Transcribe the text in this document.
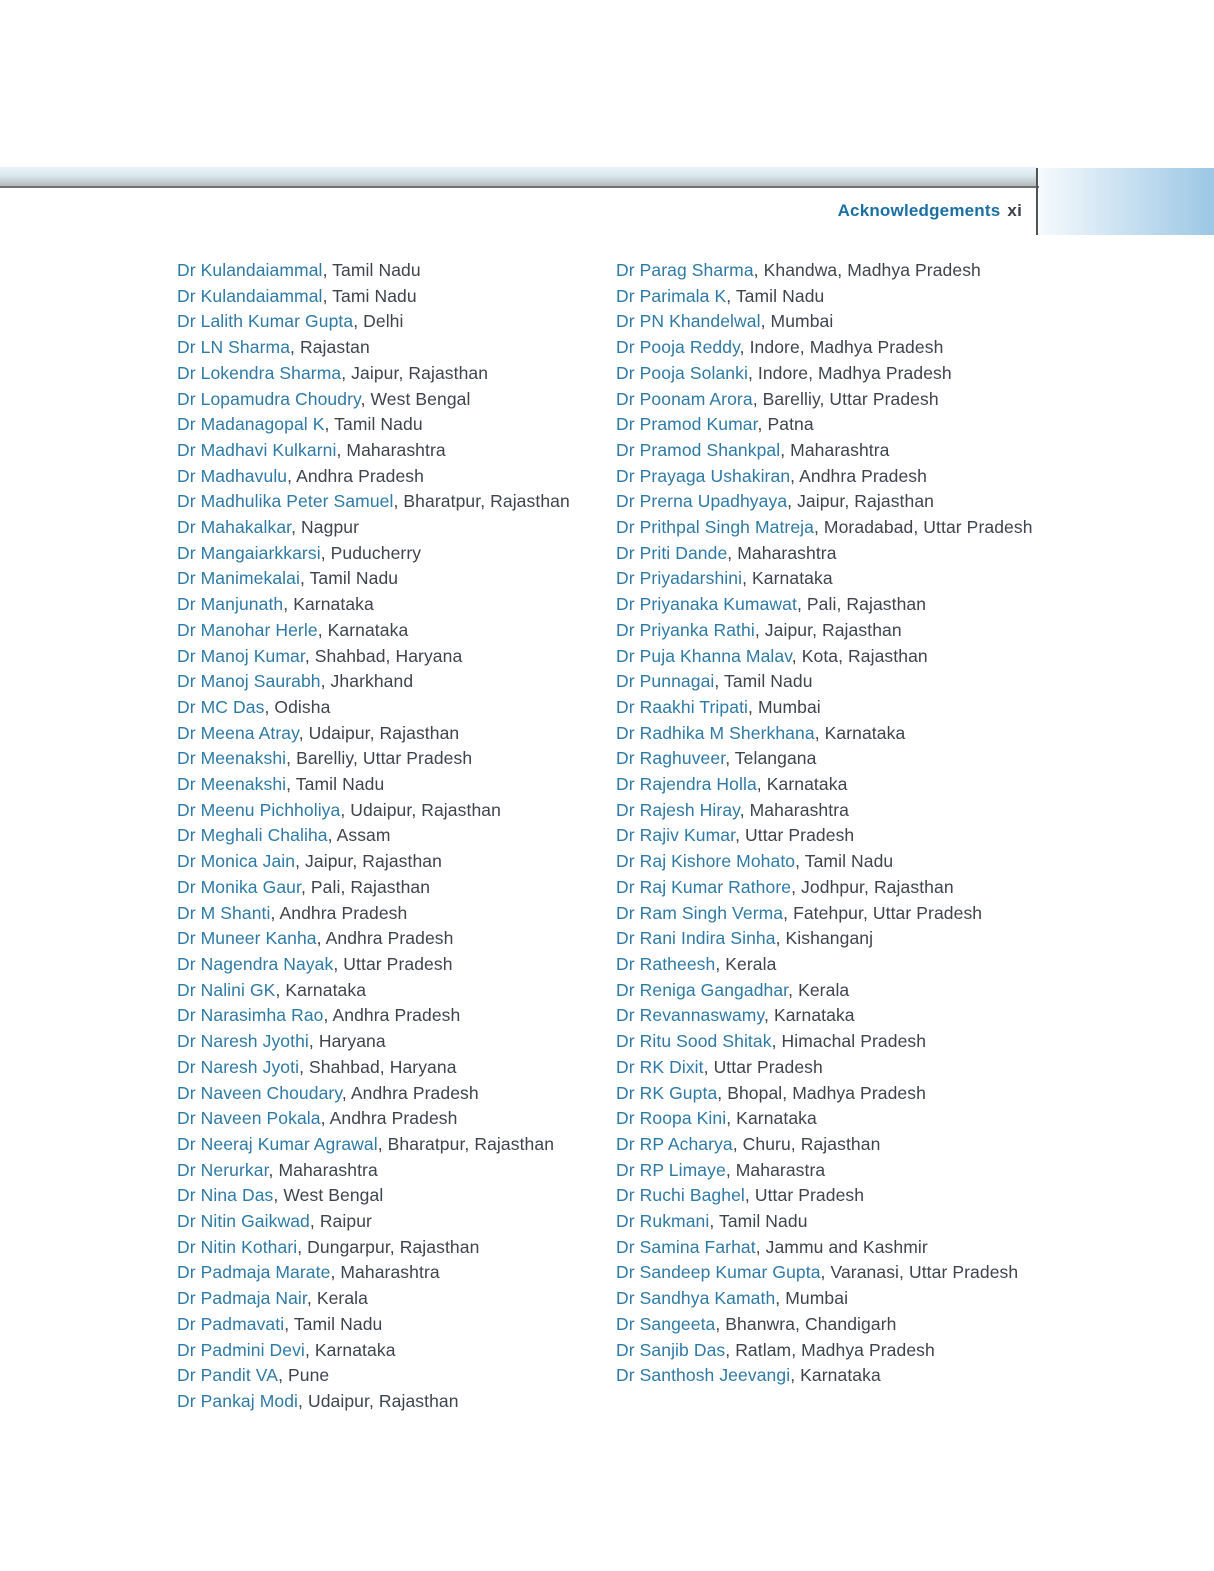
Acknowledgements xi
Dr Kulandaiammal, Tamil Nadu
Dr Kulandaiammal, Tami Nadu
Dr Lalith Kumar Gupta, Delhi
Dr LN Sharma, Rajastan
Dr Lokendra Sharma, Jaipur, Rajasthan
Dr Lopamudra Choudry, West Bengal
Dr Madanagopal K, Tamil Nadu
Dr Madhavi Kulkarni, Maharashtra
Dr Madhavulu, Andhra Pradesh
Dr Madhulika Peter Samuel, Bharatpur, Rajasthan
Dr Mahakalkar, Nagpur
Dr Mangaiarkkarsi, Puducherry
Dr Manimekalai, Tamil Nadu
Dr Manjunath, Karnataka
Dr Manohar Herle, Karnataka
Dr Manoj Kumar, Shahbad, Haryana
Dr Manoj Saurabh, Jharkhand
Dr MC Das, Odisha
Dr Meena Atray, Udaipur, Rajasthan
Dr Meenakshi, Barelliy, Uttar Pradesh
Dr Meenakshi, Tamil Nadu
Dr Meenu Pichholiya, Udaipur, Rajasthan
Dr Meghali Chaliha, Assam
Dr Monica Jain, Jaipur, Rajasthan
Dr Monika Gaur, Pali, Rajasthan
Dr M Shanti, Andhra Pradesh
Dr Muneer Kanha, Andhra Pradesh
Dr Nagendra Nayak, Uttar Pradesh
Dr Nalini GK, Karnataka
Dr Narasimha Rao, Andhra Pradesh
Dr Naresh Jyothi, Haryana
Dr Naresh Jyoti, Shahbad, Haryana
Dr Naveen Choudary, Andhra Pradesh
Dr Naveen Pokala, Andhra Pradesh
Dr Neeraj Kumar Agrawal, Bharatpur, Rajasthan
Dr Nerurkar, Maharashtra
Dr Nina Das, West Bengal
Dr Nitin Gaikwad, Raipur
Dr Nitin Kothari, Dungarpur, Rajasthan
Dr Padmaja Marate, Maharashtra
Dr Padmaja Nair, Kerala
Dr Padmavati, Tamil Nadu
Dr Padmini Devi, Karnataka
Dr Pandit VA, Pune
Dr Pankaj Modi, Udaipur, Rajasthan
Dr Parag Sharma, Khandwa, Madhya Pradesh
Dr Parimala K, Tamil Nadu
Dr PN Khandelwal, Mumbai
Dr Pooja Reddy, Indore, Madhya Pradesh
Dr Pooja Solanki, Indore, Madhya Pradesh
Dr Poonam Arora, Barelliy, Uttar Pradesh
Dr Pramod Kumar, Patna
Dr Pramod Shankpal, Maharashtra
Dr Prayaga Ushakiran, Andhra Pradesh
Dr Prerna Upadhyaya, Jaipur, Rajasthan
Dr Prithpal Singh Matreja, Moradabad, Uttar Pradesh
Dr Priti Dande, Maharashtra
Dr Priyadarshini, Karnataka
Dr Priyanaka Kumawat, Pali, Rajasthan
Dr Priyanka Rathi, Jaipur, Rajasthan
Dr Puja Khanna Malav, Kota, Rajasthan
Dr Punnagai, Tamil Nadu
Dr Raakhi Tripati, Mumbai
Dr Radhika M Sherkhana, Karnataka
Dr Raghuveer, Telangana
Dr Rajendra Holla, Karnataka
Dr Rajesh Hiray, Maharashtra
Dr Rajiv Kumar, Uttar Pradesh
Dr Raj Kishore Mohato, Tamil Nadu
Dr Raj Kumar Rathore, Jodhpur, Rajasthan
Dr Ram Singh Verma, Fatehpur, Uttar Pradesh
Dr Rani Indira Sinha, Kishanganj
Dr Ratheesh, Kerala
Dr Reniga Gangadhar, Kerala
Dr Revannaswamy, Karnataka
Dr Ritu Sood Shitak, Himachal Pradesh
Dr RK Dixit, Uttar Pradesh
Dr RK Gupta, Bhopal, Madhya Pradesh
Dr Roopa Kini, Karnataka
Dr RP Acharya, Churu, Rajasthan
Dr RP Limaye, Maharastra
Dr Ruchi Baghel, Uttar Pradesh
Dr Rukmani, Tamil Nadu
Dr Samina Farhat, Jammu and Kashmir
Dr Sandeep Kumar Gupta, Varanasi, Uttar Pradesh
Dr Sandhya Kamath, Mumbai
Dr Sangeeta, Bhanwra, Chandigarh
Dr Sanjib Das, Ratlam, Madhya Pradesh
Dr Santhosh Jeevangi, Karnataka
